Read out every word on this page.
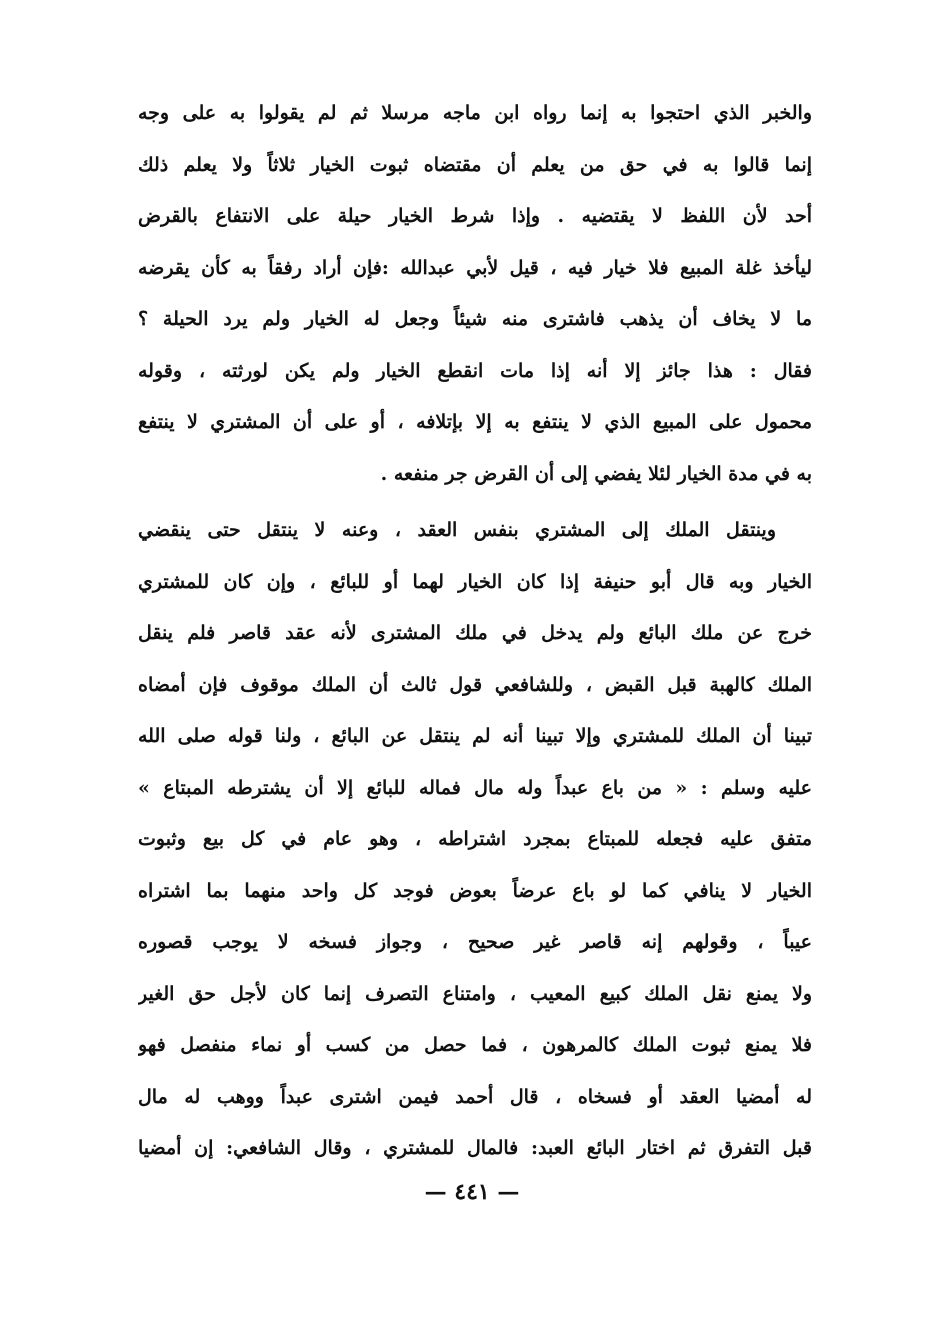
والخبر الذي احتجوا به إنما رواه ابن ماجه مرسلا ثم لم يقولوا به على وجه
إنما قالوا به في حق من يعلم أن مقتضاه ثبوت الخيار ثلاثاً ولا يعلم ذلك
أحد لأن اللفظ لا يقتضيه . وإذا شرط الخيار حيلة على الانتفاع بالقرض
ليأخذ غلة المبيع فلا خيار فيه ، قيل لأبي عبدالله :فإن أراد رفقاً به كأن يقرضه
ما لا يخاف أن يذهب فاشترى منه شيئاً وجعل له الخيار ولم يرد الحيلة ؟
فقال : هذا جائز إلا أنه إذا مات انقطع الخيار ولم يكن لورثته ، وقوله
محمول على المبيع الذي لا ينتفع به إلا بإتلافه ، أو على أن المشتري لا ينتفع
به في مدة الخيار لئلا يفضي إلى أن القرض جر منفعه .
وينتقل الملك إلى المشتري بنفس العقد ، وعنه لا ينتقل حتى ينقضي
الخيار وبه قال أبو حنيفة إذا كان الخيار لهما أو للبائع ، وإن كان للمشتري
خرج عن ملك البائع ولم يدخل في ملك المشترى لأنه عقد قاصر فلم ينقل
الملك كالهبة قبل القبض ، وللشافعي قول ثالث أن الملك موقوف فإن أمضاه
تبينا أن الملك للمشتري وإلا تبينا أنه لم ينتقل عن البائع ، ولنا قوله صلى الله
عليه وسلم : « من باع عبداً وله مال فماله للبائع إلا أن يشترطه المبتاع »
متفق عليه فجعله للمبتاع بمجرد اشتراطه ، وهو عام في كل بيع وثبوت
الخيار لا ينافي كما لو باع عرضاً بعوض فوجد كل واحد منهما بما اشتراه
عيباً ، وقولهم إنه قاصر غير صحيح ، وجواز فسخه لا يوجب قصوره
ولا يمنع نقل الملك كبيع المعيب ، وامتناع التصرف إنما كان لأجل حق الغير
فلا يمنع ثبوت الملك كالمرهون ، فما حصل من كسب أو نماء منفصل فهو
له أمضيا العقد أو فسخاه ، قال أحمد فيمن اشترى عبداً ووهب له مال
قبل التفرق ثم اختار البائع العبد: فالمال للمشتري ، وقال الشافعي: إن أمضيا
— ٤٤١ —
